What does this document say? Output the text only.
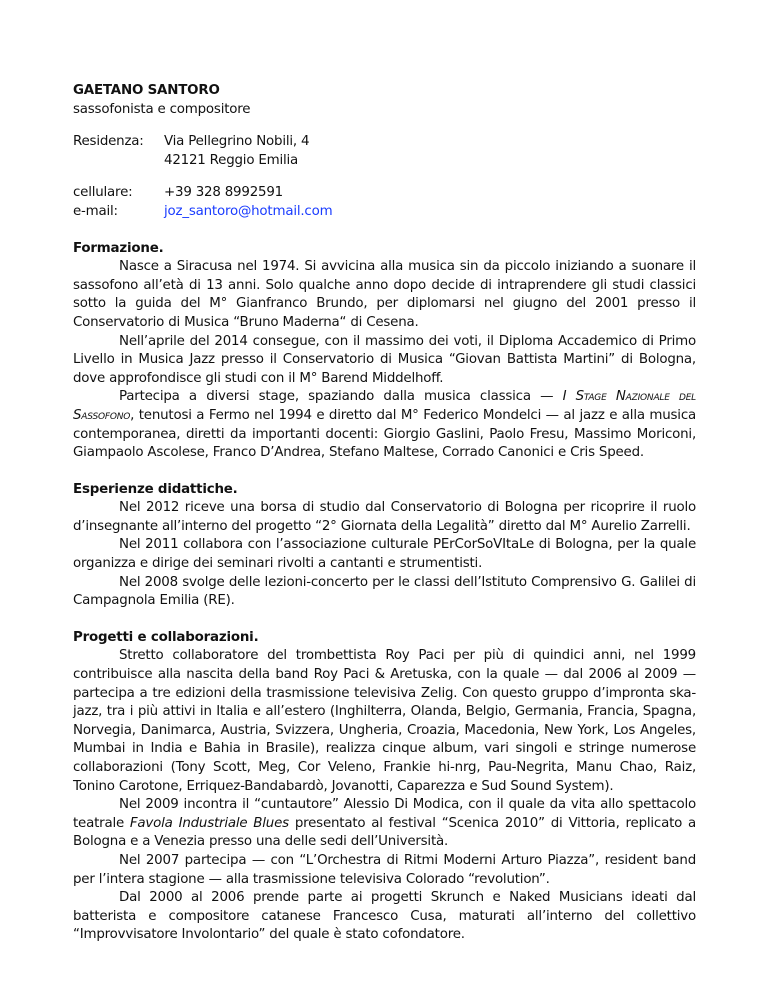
GAETANO SANTORO
sassofonista e compositore
Residenza:	Via Pellegrino Nobili, 4
42121 Reggio Emilia
cellulare:	+39 328 8992591
e-mail:	joz_santoro@hotmail.com
Formazione.

Nasce a Siracusa nel 1974. Si avvicina alla musica sin da piccolo iniziando a suonare il sassofono all’età di 13 anni. Solo qualche anno dopo decide di intraprendere gli studi classici sotto la guida del M° Gianfranco Brundo, per diplomarsi nel giugno del 2001 presso il Conservatorio di Musica “Bruno Maderna“ di Cesena.

Nell’aprile del 2014 consegue, con il massimo dei voti, il Diploma Accademico di Primo Livello in Musica Jazz presso il Conservatorio di Musica “Giovan Battista Martini” di Bologna, dove approfondisce gli studi con il M° Barend Middelhoff.

Partecipa a diversi stage, spaziando dalla musica classica — I Stage Nazionale del Sassofono, tenutosi a Fermo nel 1994 e diretto dal M° Federico Mondelci — al jazz e alla musica contemporanea, diretti da importanti docenti: Giorgio Gaslini, Paolo Fresu, Massimo Moriconi, Giampaolo Ascolese, Franco D’Andrea, Stefano Maltese, Corrado Canonici e Cris Speed.

Esperienze didattiche.

Nel 2012 riceve una borsa di studio dal Conservatorio di Bologna per ricoprire il ruolo d’insegnante all’interno del progetto “2° Giornata della Legalità” diretto dal M° Aurelio Zarrelli.

Nel 2011 collabora con l’associazione culturale PErCorSoVItaLe di Bologna, per la quale organizza e dirige dei seminari rivolti a cantanti e strumentisti.

Nel 2008 svolge delle lezioni-concerto per le classi dell’Istituto Comprensivo G. Galilei di Campagnola Emilia (RE).

Progetti e collaborazioni.

Stretto collaboratore del trombettista Roy Paci per più di quindici anni, nel 1999 contribuisce alla nascita della band Roy Paci & Aretuska, con la quale — dal 2006 al 2009 — partecipa a tre edizioni della trasmissione televisiva Zelig. Con questo gruppo d’impronta ska-jazz, tra i più attivi in Italia e all’estero (Inghilterra, Olanda, Belgio, Germania, Francia, Spagna, Norvegia, Danimarca, Austria, Svizzera, Ungheria, Croazia, Macedonia, New York, Los Angeles, Mumbai in India e Bahia in Brasile), realizza cinque album, vari singoli e stringe numerose collaborazioni (Tony Scott, Meg, Cor Veleno, Frankie hi-nrg, Pau-Negrita, Manu Chao, Raiz, Tonino Carotone, Erriquez-Bandabardò, Jovanotti, Caparezza e Sud Sound System).

Nel 2009 incontra il “cuntautore” Alessio Di Modica, con il quale da vita allo spettacolo teatrale Favola Industriale Blues presentato al festival “Scenica 2010” di Vittoria, replicato a Bologna e a Venezia presso una delle sedi dell’Università.

Nel 2007 partecipa — con “L’Orchestra di Ritmi Moderni Arturo Piazza”, resident band per l’intera stagione — alla trasmissione televisiva Colorado “revolution”.

Dal 2000 al 2006 prende parte ai progetti Skrunch e Naked Musicians ideati dal batterista e compositore catanese Francesco Cusa, maturati all’interno del collettivo “Improvvisatore Involontario” del quale è stato cofondatore.
